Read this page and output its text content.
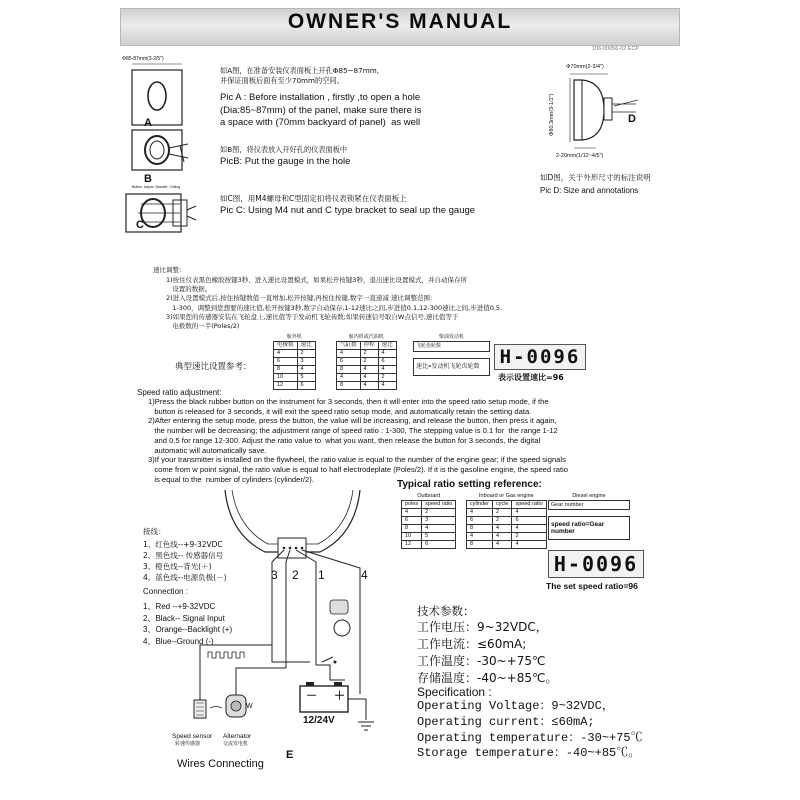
OWNER'S MANUAL
106-00056-02 ECP
Φ85-87mm(3-2/5")
A
B
Button  Adjust  Bracket  Ceiling
C
如A图，在准备安装仪表面板上开孔Φ85~87mm,
并保证面板后面有至少70mm的空间。
Pic A : Before installation , firstly ,to open a hole
(Dia:85~87mm) of the panel, make sure there is
a space with (70mm backyard of panel)  as well
如B图，将仪表放入开好孔的仪表面板中
PicB: Put the gauge in the hole
如C图，用M4螺母和C型固定扣将仪表锁紧在仪表面板上
Pic C: Using M4 nut and C type bracket to seal up the gauge
Φ70mm(2-3/4")
Φ80.3mm(3-1/2")
2-20mm(1/12~4/5")
D
如D图，关于外形尺寸的标注说明
Pic D: Size and annotations
速比调整：
1)按住仪表黑色橡胶按键3秒，进入速比设置模式，如果松开按键3秒，退出速比设置模式，并自动保存所
设置的数据。
2)进入设置模式后,按住按键数值一直增加,松开按键,再按住按键,数字一直递减 速比调整范围:
1-300，调整到您想要的速比值,松开按键3秒,数字自动保存,1-12速比之间,步进值0.1,12-300速比之间,步进值0.5.
3)如果您的传感器安装在飞轮盘上,速比值等于发动机飞轮齿数;如果转速信号取自W点信号,速比值等于
电极数的一半(Poles/2)
典型速比设置参考：
舷外机
电极数	速比
4	2
6	3
8	4
10	5
12	6
舷内机或汽油机
气缸数	冲程	速比
4	2	4
6	2	6
8	4	4
4	4	2
8	4	4
柴油发动机
飞轮齿轮数
速比=发动机飞轮齿轮数	H-0096
表示设置速比=96
Speed ratio adjustment:
1)Press the black rubber button on the instrument for 3 seconds, then it will enter into the speed ratio setup mode, if the
button is released for 3 seconds, it will exit the speed ratio setup mode, and automatically retain the setting data.
2)After entering the setup mode, press the button, the value will be increasing, and release the button, then press it again,
the number will be decreasing; the adjustment range of speed ratio : 1-300, The stepping value is 0.1 for  the range 1-12
and 0.5 for range 12-300. Adjust the ratio value to  what you want, then release the button for 3 seconds, the digital
automatic will automatically save.
3)If your transmitter is installed on the flywheel, the ratio value is equal to the number of the engine gear; if the speed signals
come from w point signal, the ratio value is equal to half electrodeplate (Poles/2). If it is the gasoline engine, the speed ratio
is equal to the  number of cylinders (cylinder/2).	Typical ratio setting reference:
Outboard
poles	speed ratio
4	2
6	3
8	4
10	5
12	6
Inboard or Gas engine
cylinder	cycle	speed ratio
4	2	4
6	2	6
8	4	4
4	4	2
8	4	4
Diesel engine
Gear number
speed ratio=Gear number
H-0096
The set speed ratio=96
3 2 1	4
－ ＋
12/24V
W
Speed sensor
转速传感器
Alternator
交流发电机
E
Wires Connecting
接线：
1、红色线--+9-32VDC
2、黑色线-- 传感器信号
3、橙色线--背光(＋)
4、蓝色线--电源负极(－)
Connection :
1、Red --+9-32VDC
2、Black-- Signal Input
3、Orange--Backlight (+)
4、Blue--Ground (-)
技术参数：
工作电压：9~32VDC，
工作电流：≤60mA;
工作温度：-30~+75℃
存储温度：-40~+85℃。
Specification :
Operating Voltage：9~32VDC，
Operating current：≤60mA;
Operating temperature：-30~+75℃
Storage temperature：-40~+85℃。
